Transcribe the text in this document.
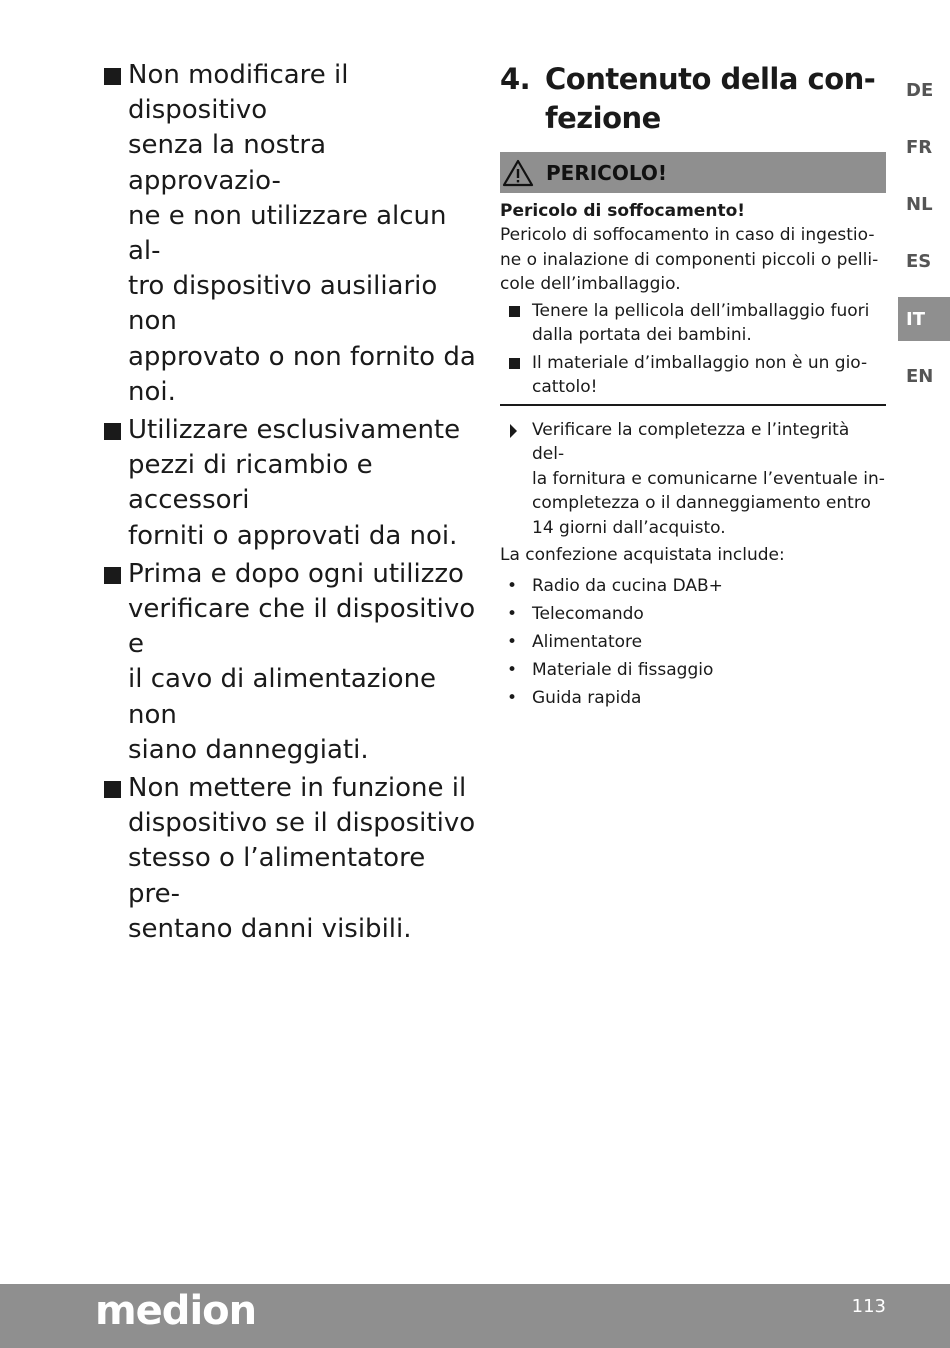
Non modificare il dispositivo
senza la nostra approvazio-
ne e non utilizzare alcun al-
tro dispositivo ausiliario non
approvato o non fornito da
noi.
Utilizzare esclusivamente
pezzi di ricambio e accessori
forniti o approvati da noi.
Prima e dopo ogni utilizzo
verificare che il dispositivo e
il cavo di alimentazione non
siano danneggiati.
Non mettere in funzione il
dispositivo se il dispositivo
stesso o l’alimentatore pre-
sentano danni visibili.
4. Contenuto della con-
fezione
PERICOLO!
Pericolo di soffocamento!
Pericolo di soffocamento in caso di ingestio-
ne o inalazione di componenti piccoli o pelli-
cole dell’imballaggio.
Tenere la pellicola dell’imballaggio fuori
dalla portata dei bambini.
Il materiale d’imballaggio non è un gio-
cattolo!
Verificare la completezza e l’integrità del-
la fornitura e comunicarne l’eventuale in-
completezza o il danneggiamento entro
14 giorni dall’acquisto.
La confezione acquistata include:
• Radio da cucina DAB+
• Telecomando
• Alimentatore
• Materiale di fissaggio
• Guida rapida
DE
FR
NL
ES
IT
EN
medion	113
